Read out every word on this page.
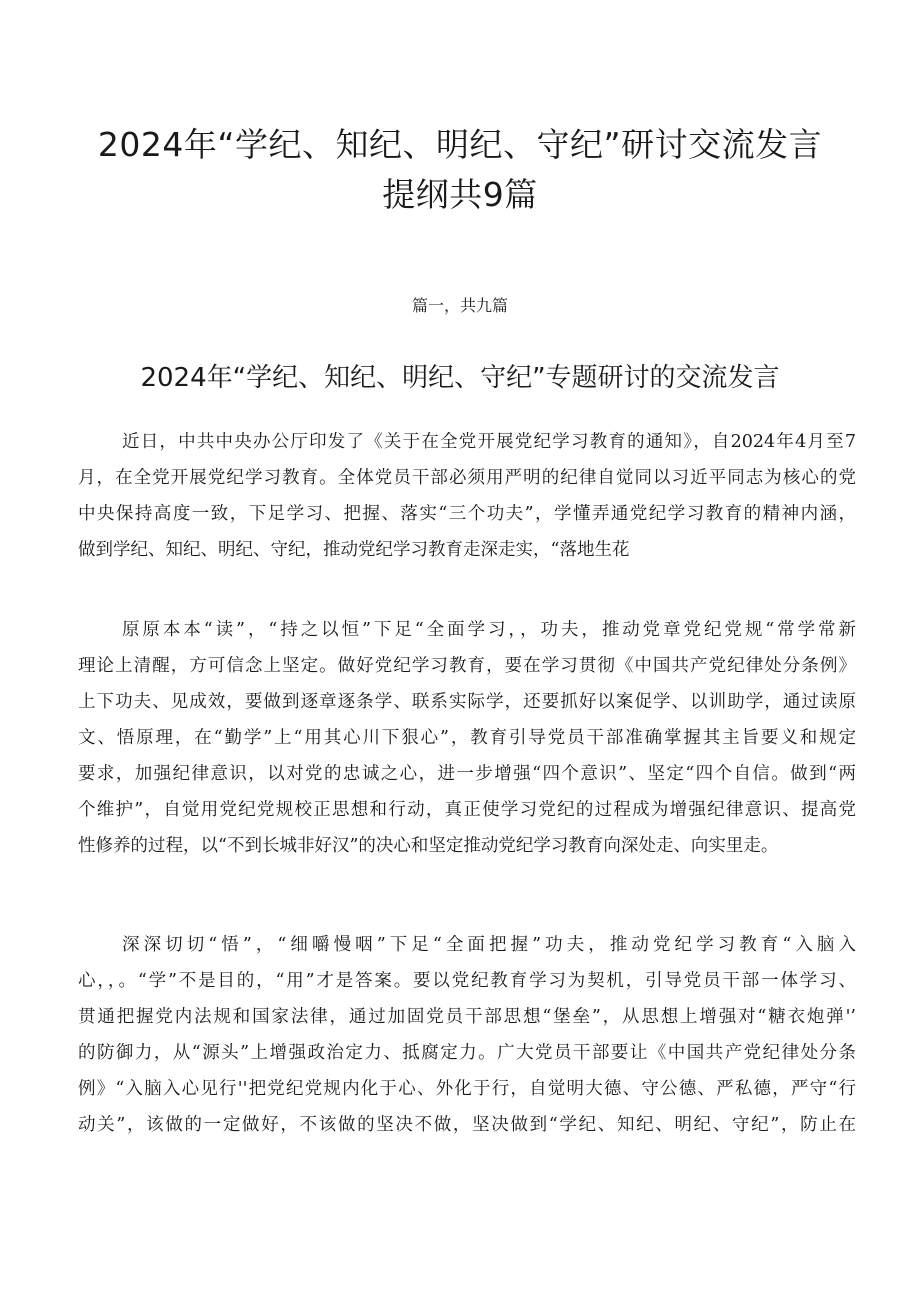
2024年“学纪、知纪、明纪、守纪”研讨交流发言
提纲共9篇
篇一，共九篇
2024年“学纪、知纪、明纪、守纪”专题研讨的交流发言
近日，中共中央办公厅印发了《关于在全党开展党纪学习教育的通知》，自2024年4月至7
月，在全党开展党纪学习教育。全体党员干部必须用严明的纪律自觉同以习近平同志为核心的党
中央保持高度一致，下足学习、把握、落实“三个功夫”，学懂弄通党纪学习教育的精神内涵，
做到学纪、知纪、明纪、守纪，推动党纪学习教育走深走实，“落地生花
原原本本“读”，“持之以恒”下足“全面学习，，功夫，推动党章党纪党规“常学常新
理论上清醒，方可信念上坚定。做好党纪学习教育，要在学习贯彻《中国共产党纪律处分条例》
上下功夫、见成效，要做到逐章逐条学、联系实际学，还要抓好以案促学、以训助学，通过读原
文、悟原理，在“勤学”上“用其心川下狠心”，教育引导党员干部准确掌握其主旨要义和规定
要求，加强纪律意识，以对党的忠诚之心，进一步增强“四个意识”、坚定“四个自信。做到“两
个维护”，自觉用党纪党规校正思想和行动，真正使学习党纪的过程成为增强纪律意识、提高党
性修养的过程，以“不到长城非好汉”的决心和坚定推动党纪学习教育向深处走、向实里走。
深深切切“悟”，“细嚼慢咽”下足“全面把握”功夫，推动党纪学习教育“入脑入
心，，。“学”不是目的，“用”才是答案。要以党纪教育学习为契机，引导党员干部一体学习、
贯通把握党内法规和国家法律，通过加固党员干部思想“堡垒”，从思想上增强对“糖衣炮弹'’
的防御力，从“源头”上增强政治定力、抵腐定力。广大党员干部要让《中国共产党纪律处分条
例》“入脑入心见行''把党纪党规内化于心、外化于行，自觉明大德、守公德、严私德，严守“行
动关”，该做的一定做好，不该做的坚决不做，坚决做到“学纪、知纪、明纪、守纪”，防止在
